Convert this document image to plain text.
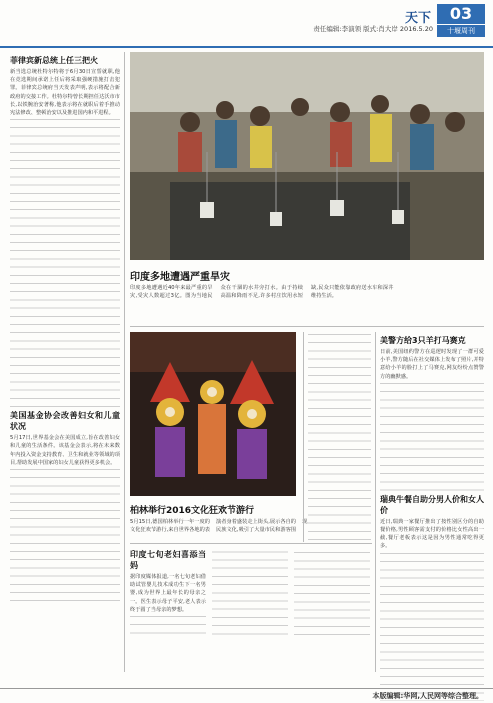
天下
责任编辑:李演领 版式:肖大岸 2016.5.20
03
十堰周刊
菲律宾新总统上任三把火

新当选总统杜特尔特将于6月30日宣誓就职,他在竞选期间承诺上任后将采取强硬措施打击犯罪。菲律宾总统府当天发表声明,表示将配合新政府的交接工作。杜特尔特曾长期担任达沃市市长,以铁腕治安著称,他表示将在就职后着手推动宪法修改、整顿治安以及推进国内和平进程。

美国基金协会改善妇女和儿童状况

5月17日,世界基金会在美国成立,旨在改善妇女和儿童的生活条件。该基金会表示,将在未来数年内投入资金支持教育、卫生和就业等领域的项目,帮助发展中国家的妇女儿童获得更多机会。

印度多地遭遇严重旱灾

印度多地遭遇近40年来最严重的旱灾,受灾人数超过3亿。图为当地民众在干涸的水井旁打水。由于持续高温和降雨不足,许多村庄饮用水短缺,民众只能依靠政府送水车和深井维持生活。

柏林举行2016文化狂欢节游行

5月15日,德国柏林举行一年一度的文化狂欢节游行,来自世界各地的表演者身着盛装走上街头,展示各自的民族文化,吸引了大量市民和游客围观

印度七旬老妇喜添当妈

据印度媒体报道,一名七旬老妇借助试管婴儿技术成功生下一名男婴,成为世界上最年长的母亲之一。医生表示母子平安,老人表示终于圆了当母亲的梦想。

美警方给3只羊打马赛克

日前,美国纽约警方在巡逻时发现了一群可爱小羊,警方随后在社交媒体上发布了照片,并特意给小羊的脸打上了马赛克,网友纷纷点赞警方的幽默感。

瑞典牛餐自助分男人价和女人价

近日,瑞典一家餐厅推出了按性别区分的自助餐价格,男性顾客需支付的价格比女性高出一截,餐厅老板表示这是因为男性通常吃得更多。

本版编辑:华网,人民网等综合整理。
